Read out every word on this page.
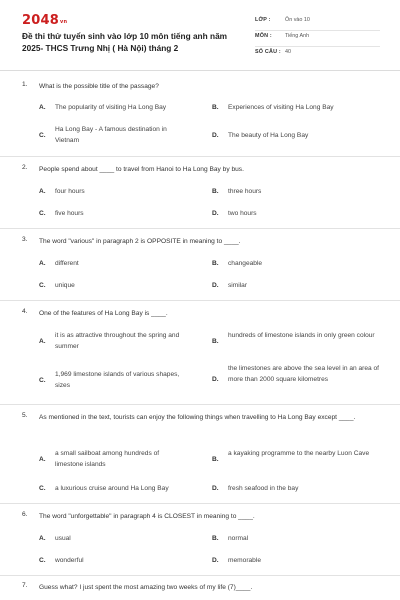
2048vn
Đề thi thử tuyển sinh vào lớp 10 môn tiếng anh năm 2025- THCS Trưng Nhị ( Hà Nội) tháng 2
LỚP :	Ôn vào 10
MÔN : Tiếng Anh
SỐ CÂU : 40
1. What is the possible title of the passage?
A. The popularity of visiting Ha Long Bay	B. Experiences of visiting Ha Long Bay
C.
Ha Long Bay - A famous destination in Vietnam
D. The beauty of Ha Long Bay
2. People spend about ____ to travel from Hanoi to Ha Long Bay by bus.
A. four hours	B. three hours
C. five hours	D. two hours
3. The word "various" in paragraph 2 is OPPOSITE in meaning to ____.
A. different	B. changeable
C. unique	D. similar
4. One of the features of Ha Long Bay is ____.
A.
it is as attractive throughout the spring and summer
B.
hundreds of limestone islands in only green colour
C.
1,969 limestone islands of various shapes, sizes
D.
the limestones are above the sea level in an area of more than 2000 square kilometres
5. As mentioned in the text, tourists can enjoy the following things when travelling to Ha Long Bay except ____.
A.
a small sailboat among hundreds of limestone islands
B.
a kayaking programme to the nearby Luon Cave
C. a luxurious cruise around Ha Long Bay	D. fresh seafood in the bay
6. The word "unforgettable" in paragraph 4 is CLOSEST in meaning to ____.
A. usual	B. normal
C. wonderful	D. memorable
7. Guess what? I just spent the most amazing two weeks of my life (7)____.
